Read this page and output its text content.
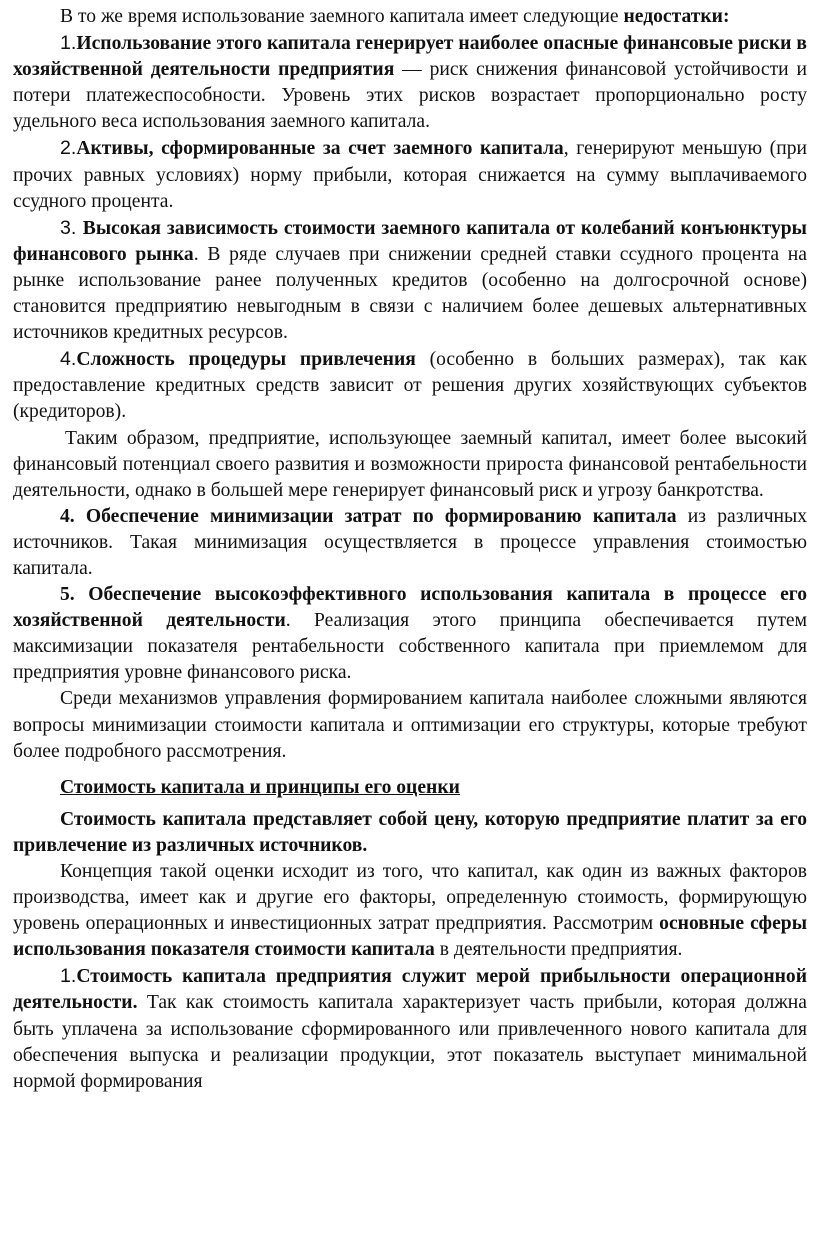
В то же время использование заемного капитала имеет следующие недостатки:

1.Использование этого капитала генерирует наиболее опасные финансовые риски в хозяйственной деятельности предприятия — риск снижения финансовой устойчивости и потери платежеспособности. Уровень этих рисков возрастает пропорционально росту удельного веса использования заемного капитала.

2.Активы, сформированные за счет заемного капитала, генерируют меньшую (при прочих равных условиях) норму прибыли, которая снижается на сумму выплачиваемого ссудного процента.

3. Высокая зависимость стоимости заемного капитала от колебаний конъюнктуры финансового рынка. В ряде случаев при снижении средней ставки ссудного процента на рынке использование ранее полученных кредитов (особенно на долгосрочной основе) становится предприятию невыгодным в связи с наличием более дешевых альтернативных источников кредитных ресурсов.

4.Сложность процедуры привлечения (особенно в больших размерах), так как предоставление кредитных средств зависит от решения других хозяйствующих субъектов (кредиторов).

Таким образом, предприятие, использующее заемный капитал, имеет более высокий финансовый потенциал своего развития и возможности прироста финансовой рентабельности деятельности, однако в большей мере генерирует финансовый риск и угрозу банкротства.

4. Обеспечение минимизации затрат по формированию капитала из различных источников. Такая минимизация осуществляется в процессе управления стоимостью капитала.

5. Обеспечение высокоэффективного использования капитала в процессе его хозяйственной деятельности. Реализация этого принципа обеспечивается путем максимизации показателя рентабельности собственного капитала при приемлемом для предприятия уровне финансового риска.

Среди механизмов управления формированием капитала наиболее сложными являются вопросы минимизации стоимости капитала и оптимизации его структуры, которые требуют более подробного рассмотрения.

Стоимость капитала и принципы его оценки

Стоимость капитала представляет собой цену, которую предприятие платит за его привлечение из различных источников.

Концепция такой оценки исходит из того, что капитал, как один из важных факторов производства, имеет как и другие его факторы, определенную стоимость, формирующую уровень операционных и инвестиционных затрат предприятия. Рассмотрим основные сферы использования показателя стоимости капитала в деятельности предприятия.

1.Стоимость капитала предприятия служит мерой прибыльности операционной деятельности. Так как стоимость капитала характеризует часть прибыли, которая должна быть уплачена за использование сформированного или привлеченного нового капитала для обеспечения выпуска и реализации продукции, этот показатель выступает минимальной нормой формирования
